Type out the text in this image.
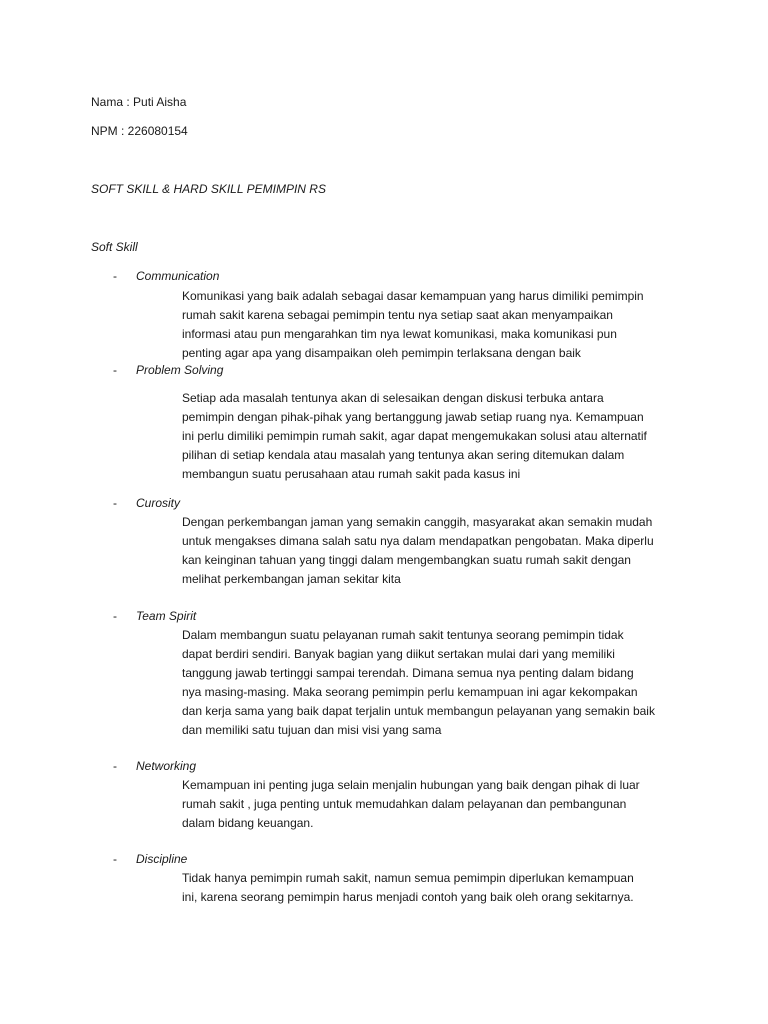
Nama : Puti Aisha
NPM : 226080154
SOFT SKILL & HARD SKILL PEMIMPIN RS
Soft Skill
- Communication
Komunikasi yang baik adalah sebagai dasar kemampuan yang harus dimiliki pemimpin
rumah sakit karena sebagai pemimpin tentu nya setiap saat akan menyampaikan
informasi atau pun mengarahkan tim nya lewat komunikasi, maka komunikasi pun
penting agar apa yang disampaikan oleh pemimpin terlaksana dengan baik
- Problem Solving
Setiap ada masalah tentunya akan di selesaikan dengan diskusi terbuka antara
pemimpin dengan pihak-pihak yang bertanggung jawab setiap ruang nya. Kemampuan
ini perlu dimiliki pemimpin rumah sakit, agar dapat mengemukakan solusi atau alternatif
pilihan di setiap kendala atau masalah yang tentunya akan sering ditemukan dalam
membangun suatu perusahaan atau rumah sakit pada kasus ini
- Curosity
Dengan perkembangan jaman yang semakin canggih, masyarakat akan semakin mudah
untuk mengakses dimana salah satu nya dalam mendapatkan pengobatan. Maka diperlu
kan keinginan tahuan yang tinggi dalam mengembangkan suatu rumah sakit dengan
melihat perkembangan jaman sekitar kita
- Team Spirit
Dalam membangun suatu pelayanan rumah sakit tentunya seorang pemimpin tidak
dapat berdiri sendiri. Banyak bagian yang diikut sertakan mulai dari yang memiliki
tanggung jawab tertinggi sampai terendah. Dimana semua nya penting dalam bidang
nya masing-masing. Maka seorang pemimpin perlu kemampuan ini agar kekompakan
dan kerja sama yang baik dapat terjalin untuk membangun pelayanan yang semakin baik
dan memiliki satu tujuan dan misi visi yang sama
- Networking
Kemampuan ini penting juga selain menjalin hubungan yang baik dengan pihak di luar
rumah sakit , juga penting untuk memudahkan dalam pelayanan dan pembangunan
dalam bidang keuangan.
- Discipline
Tidak hanya pemimpin rumah sakit, namun semua pemimpin diperlukan kemampuan
ini, karena seorang pemimpin harus menjadi contoh yang baik oleh orang sekitarnya.
